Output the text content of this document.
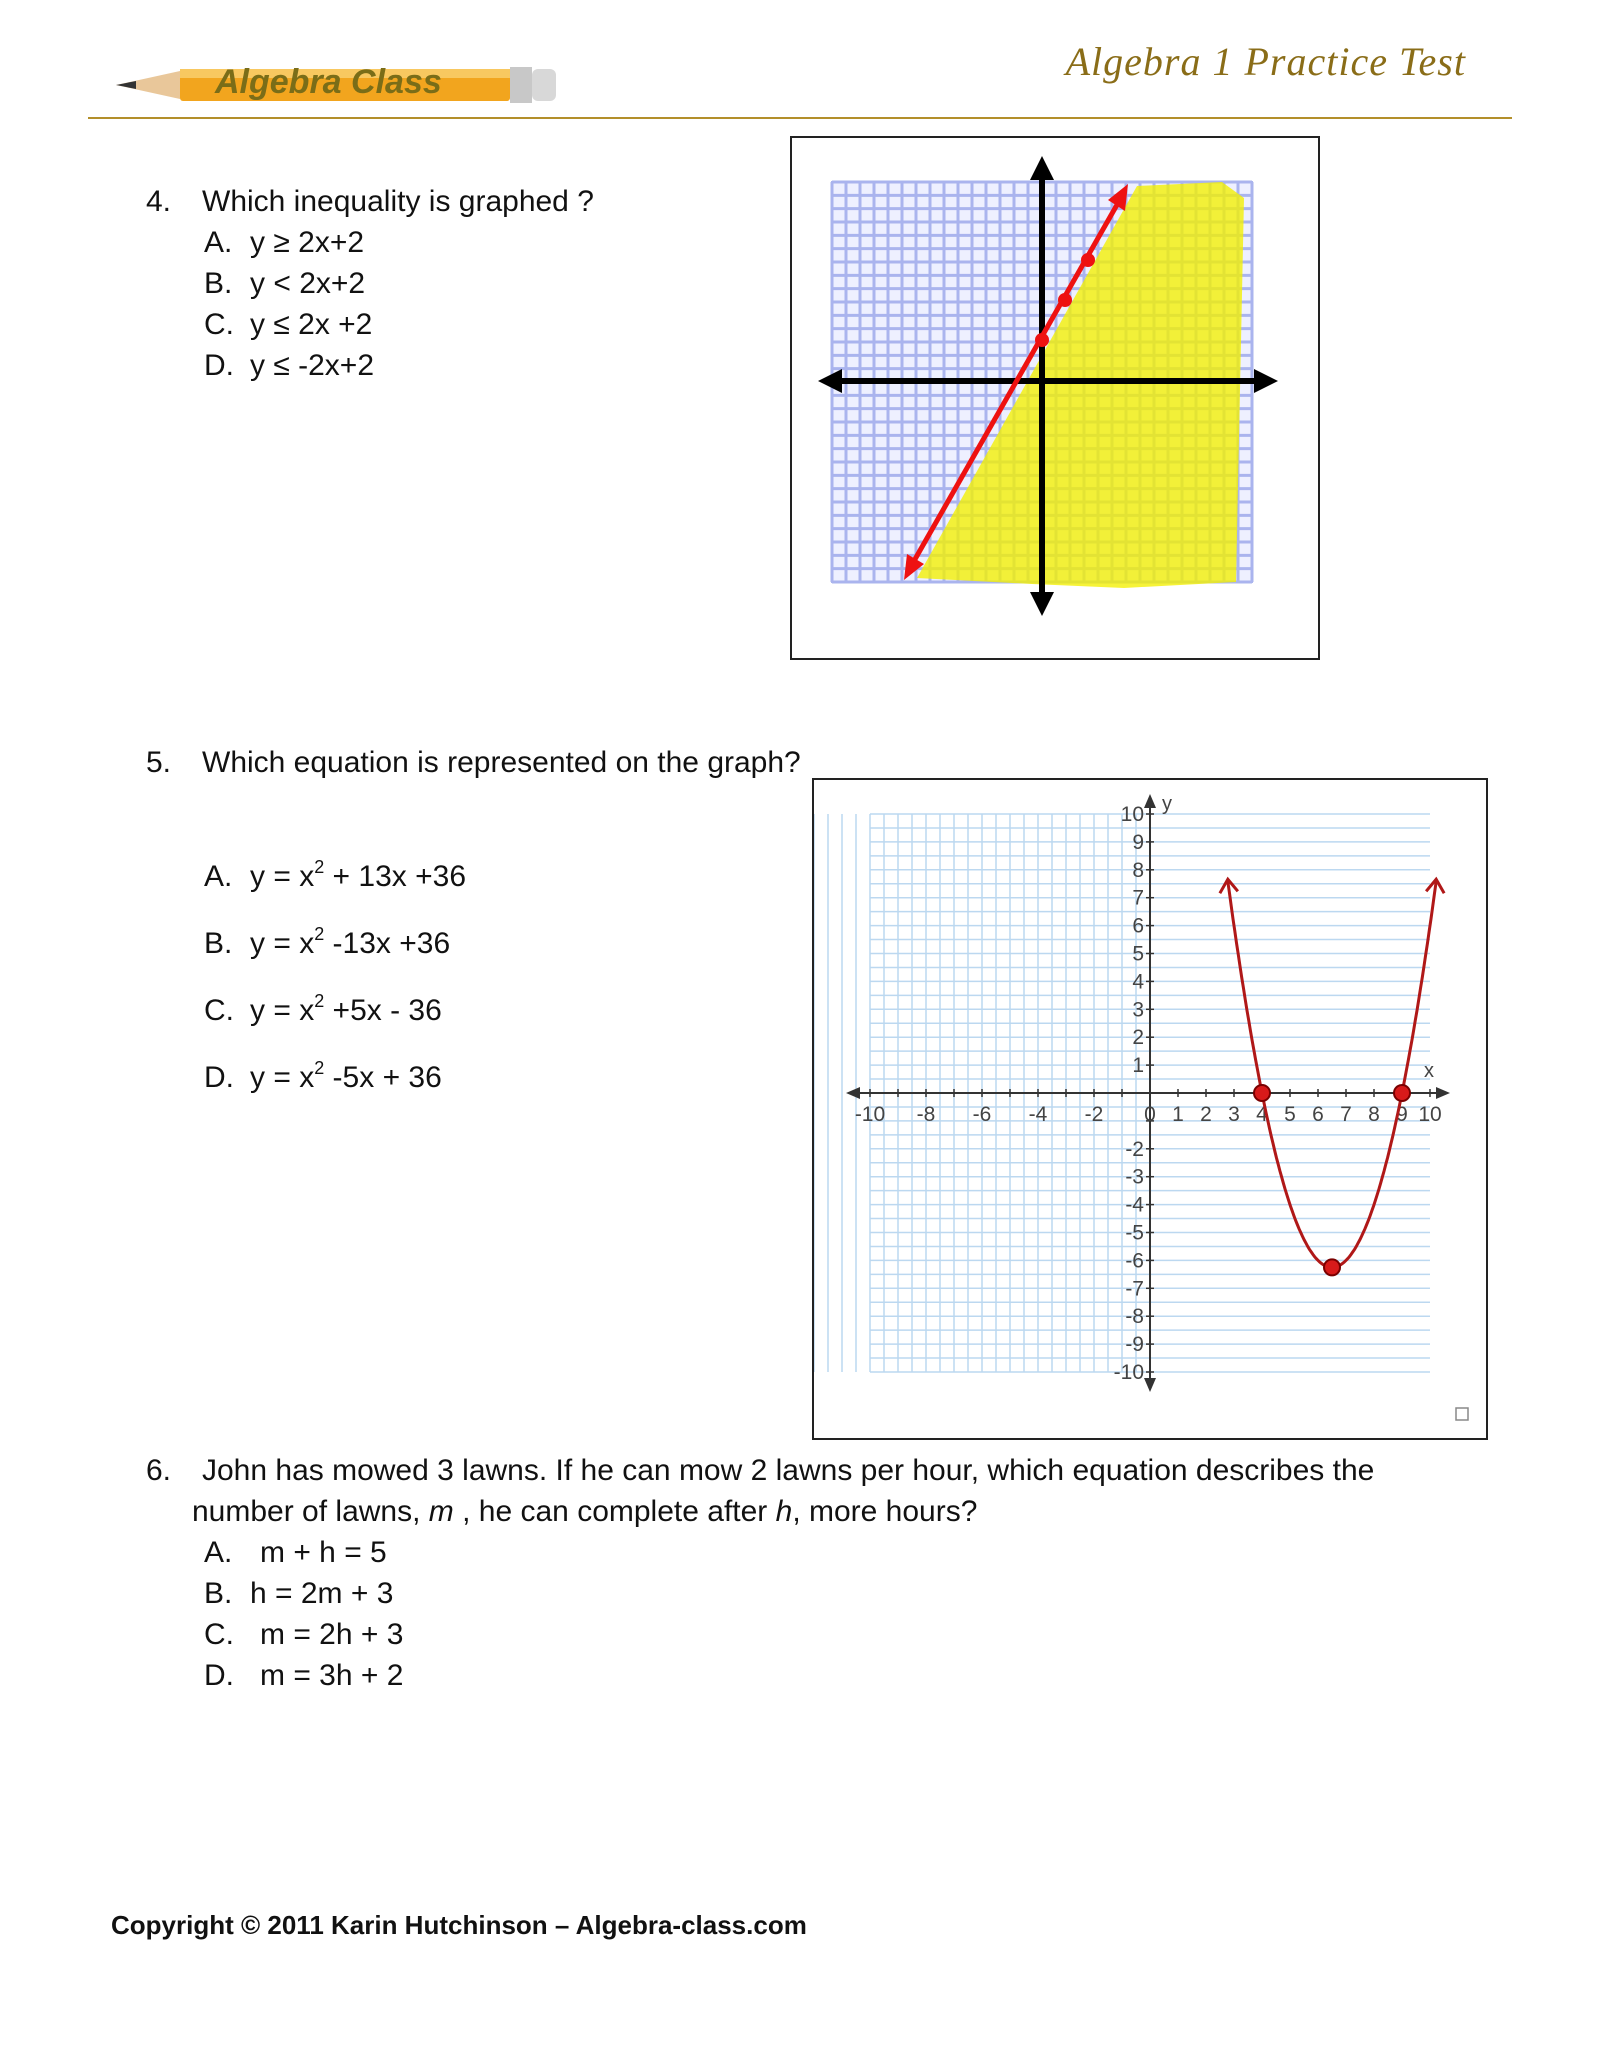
Algebra Class	Algebra 1 Practice Test
4. Which inequality is graphed ?
A. y ≥ 2x+2
B. y < 2x+2
C. y ≤ 2x +2
D. y ≤ -2x+2
5. Which equation is represented on the graph?
A. $y = x^2 + 13x +36$
B. $y = x^2$ -13x +36
C. $y = x^2 +5x - 36$
D. $y = x^2$ -5x + 36
-10 -8 -6 -4 -2 0 1 2 3 4 5 6 7 8 9 10
10
9
8
7
6
5
4
3
2
1
-2
-3
-4
-5
-6
-7
-8
-9
-10
x
y
6. John has mowed 3 lawns. If he can mow 2 lawns per hour, which equation describes the
number of lawns, m , he can complete after h, more hours?
A. m + h = 5
B. h = 2m + 3
C. m = 2h + 3
D. m = 3h + 2
Copyright © 2011 Karin Hutchinson – Algebra-class.com
